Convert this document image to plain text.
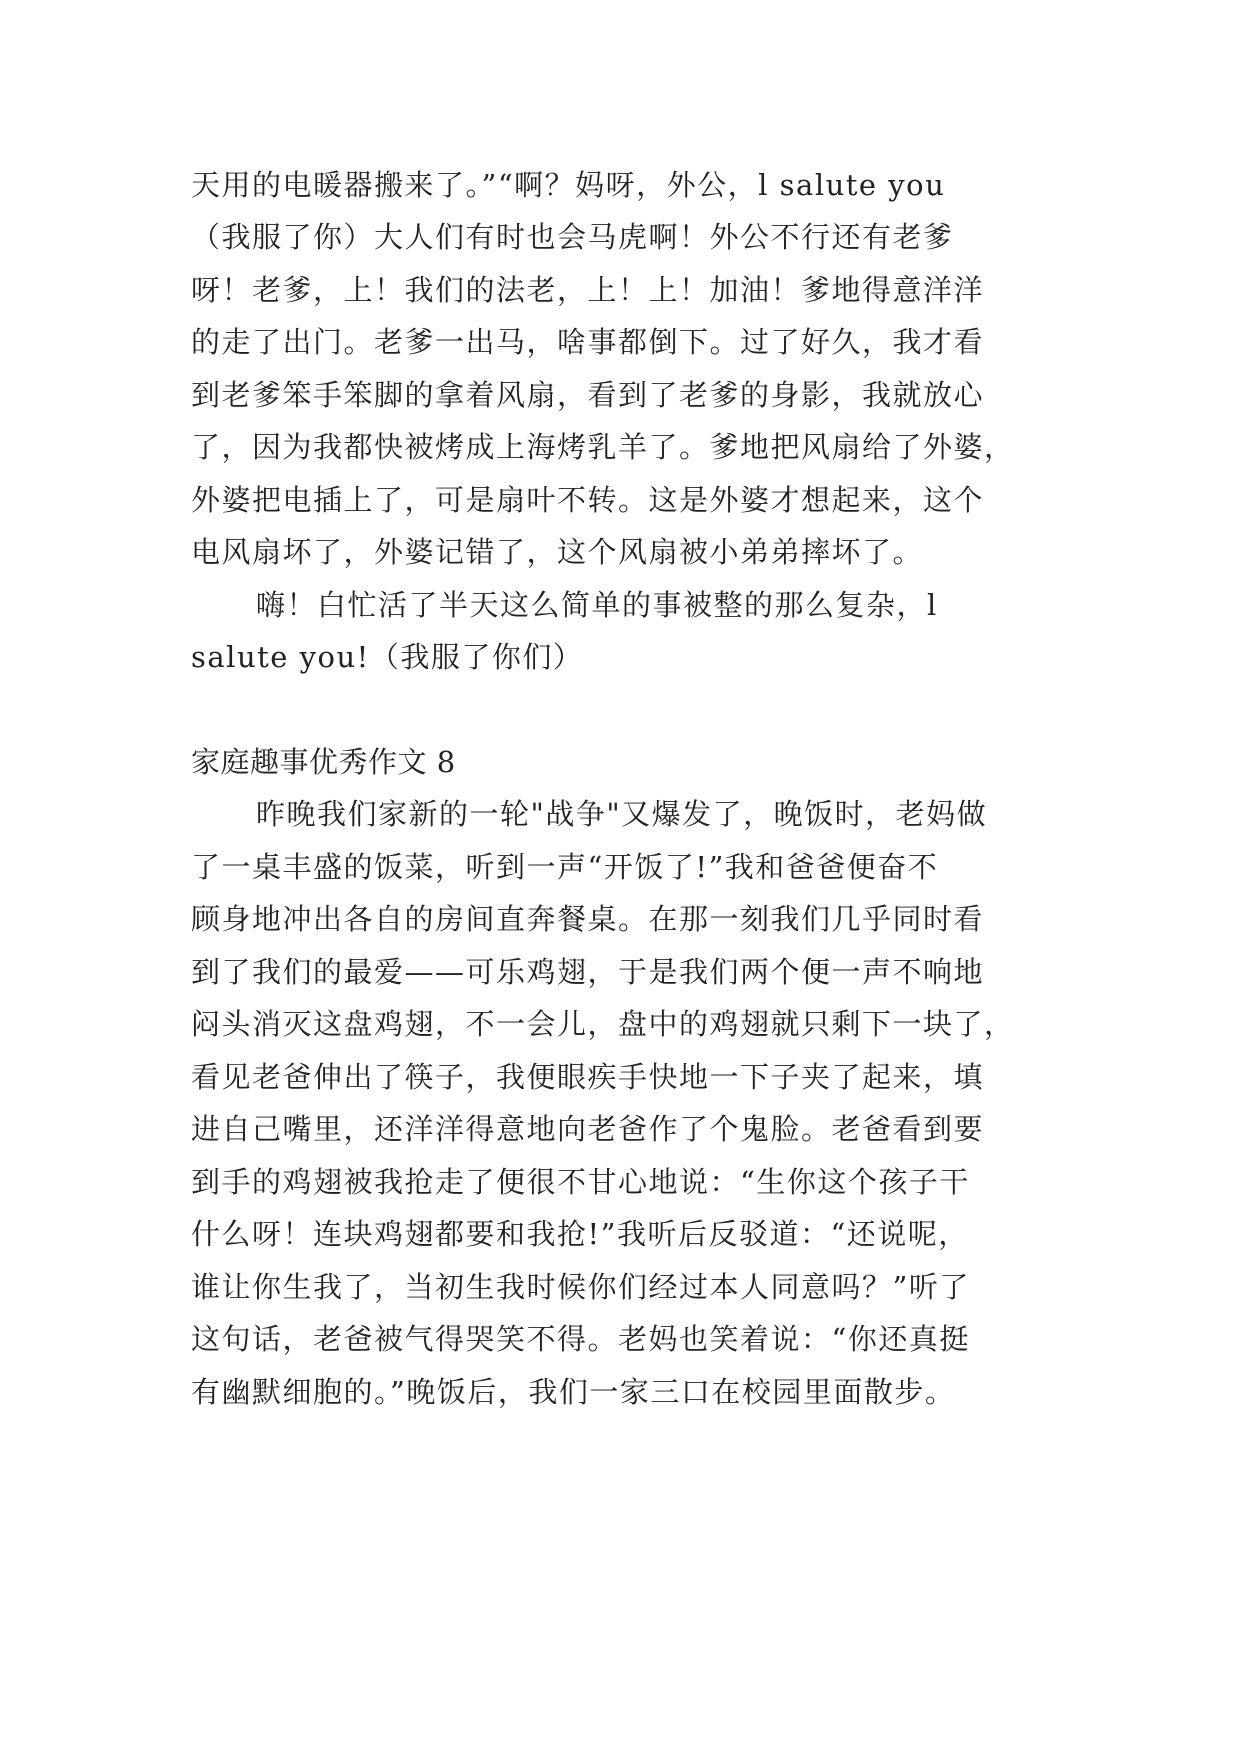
天用的电暖器搬来了。”“啊？妈呀，外公，l salute you
（我服了你）大人们有时也会马虎啊！外公不行还有老爹
呀！老爹，上！我们的法老，上！上！加油！爹地得意洋洋
的走了出门。老爹一出马，啥事都倒下。过了好久，我才看
到老爹笨手笨脚的拿着风扇，看到了老爹的身影，我就放心
了，因为我都快被烤成上海烤乳羊了。爹地把风扇给了外婆，
外婆把电插上了，可是扇叶不转。这是外婆才想起来，这个
电风扇坏了，外婆记错了，这个风扇被小弟弟摔坏了。
嗨！白忙活了半天这么简单的事被整的那么复杂，l
salute you!（我服了你们）
家庭趣事优秀作文 8
昨晚我们家新的一轮"战争"又爆发了，晚饭时，老妈做
了一桌丰盛的饭菜，听到一声“开饭了!”我和爸爸便奋不
顾身地冲出各自的房间直奔餐桌。在那一刻我们几乎同时看
到了我们的最爱——可乐鸡翅，于是我们两个便一声不响地
闷头消灭这盘鸡翅，不一会儿，盘中的鸡翅就只剩下一块了，
看见老爸伸出了筷子，我便眼疾手快地一下子夹了起来，填
进自己嘴里，还洋洋得意地向老爸作了个鬼脸。老爸看到要
到手的鸡翅被我抢走了便很不甘心地说：“生你这个孩子干
什么呀！连块鸡翅都要和我抢!”我听后反驳道：“还说呢，
谁让你生我了，当初生我时候你们经过本人同意吗？”听了
这句话，老爸被气得哭笑不得。老妈也笑着说：“你还真挺
有幽默细胞的。”晚饭后，我们一家三口在校园里面散步。
